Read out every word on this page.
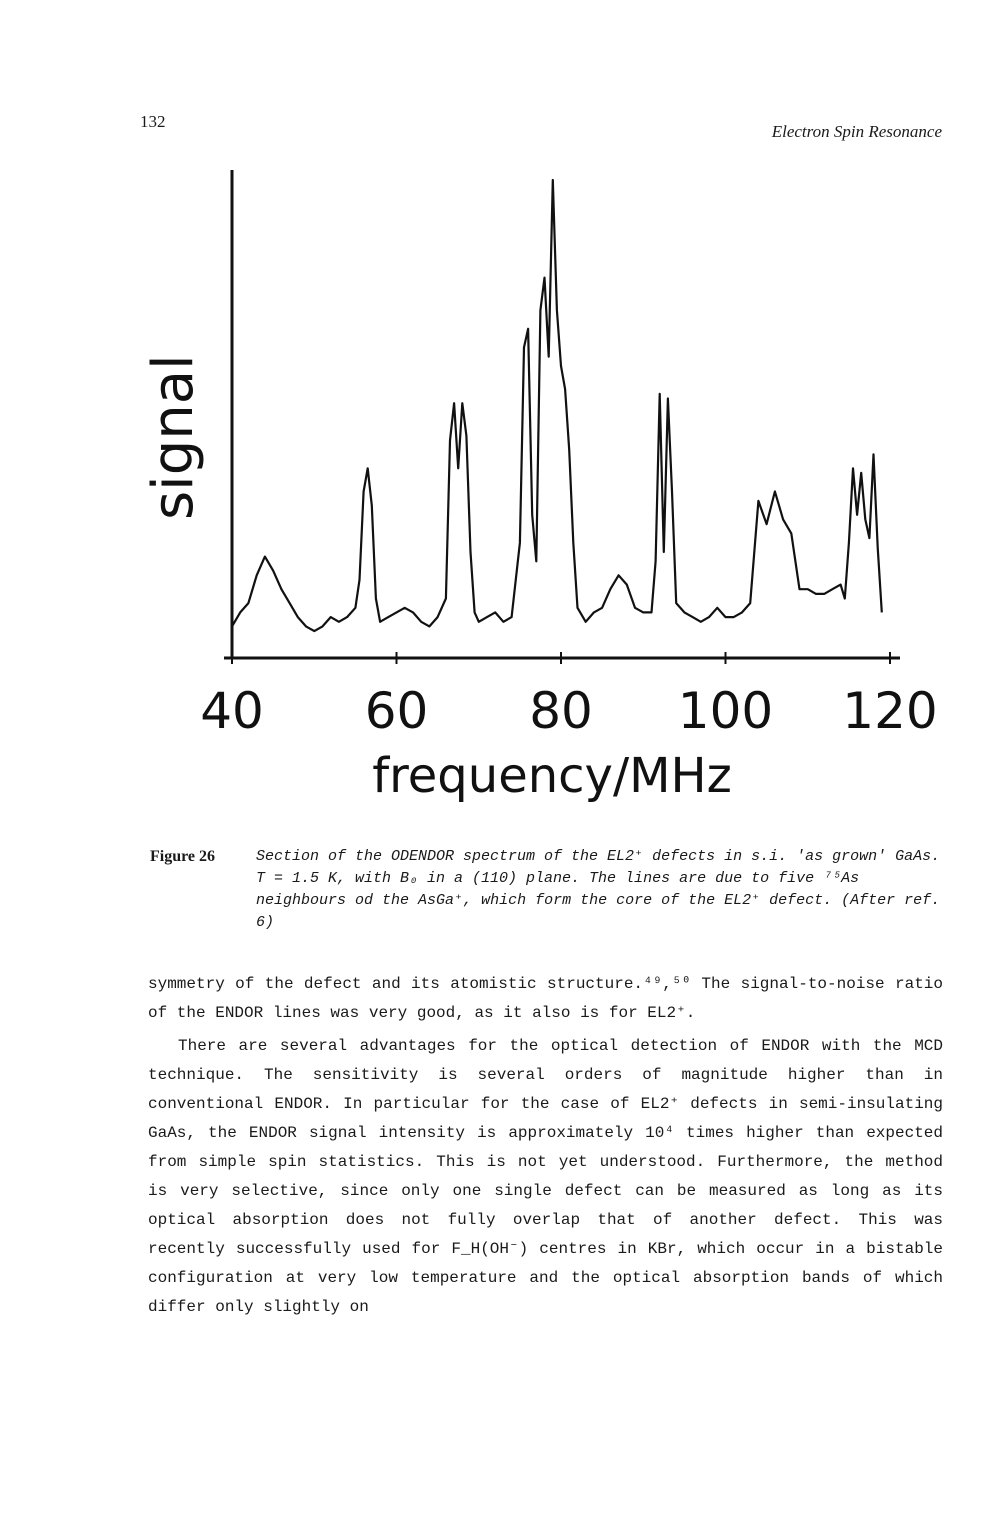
132
Electron Spin Resonance
signal
40 60 80 100 120
frequency/MHz
Figure 26	Section of the ODENDOR spectrum of the EL2⁺ defects in s.i. 'as grown' GaAs. T = 1.5 K, with B₀ in a (110) plane. The lines are due to five ⁷⁵As neighbours od the AsGa⁺, which form the core of the EL2⁺ defect. (After ref. 6)

symmetry of the defect and its atomistic structure.⁴⁹,⁵⁰ The signal-to-noise ratio of the ENDOR lines was very good, as it also is for EL2⁺.

There are several advantages for the optical detection of ENDOR with the MCD technique. The sensitivity is several orders of magnitude higher than in conventional ENDOR. In particular for the case of EL2⁺ defects in semi-insulating GaAs, the ENDOR signal intensity is approximately 10⁴ times higher than expected from simple spin statistics. This is not yet understood. Furthermore, the method is very selective, since only one single defect can be measured as long as its optical absorption does not fully overlap that of another defect. This was recently successfully used for F_H(OH⁻) centres in KBr, which occur in a bistable configuration at very low temperature and the optical absorption bands of which differ only slightly on
